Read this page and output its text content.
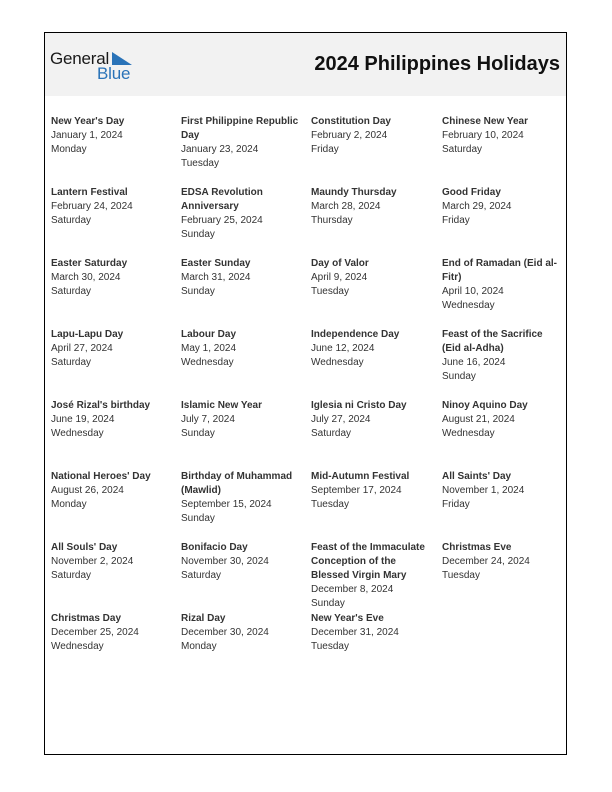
General
Blue	2024 Philippines Holidays
New Year's Day
January 1, 2024
Monday
First Philippine Republic Day
January 23, 2024
Tuesday
Constitution Day
February 2, 2024
Friday
Chinese New Year
February 10, 2024
Saturday
Lantern Festival
February 24, 2024
Saturday
EDSA Revolution Anniversary
February 25, 2024
Sunday
Maundy Thursday
March 28, 2024
Thursday
Good Friday
March 29, 2024
Friday
Easter Saturday
March 30, 2024
Saturday
Easter Sunday
March 31, 2024
Sunday
Day of Valor
April 9, 2024
Tuesday
End of Ramadan (Eid al-Fitr)
April 10, 2024
Wednesday
Lapu-Lapu Day
April 27, 2024
Saturday
Labour Day
May 1, 2024
Wednesday
Independence Day
June 12, 2024
Wednesday
Feast of the Sacrifice (Eid al-Adha)
June 16, 2024
Sunday
José Rizal's birthday
June 19, 2024
Wednesday
Islamic New Year
July 7, 2024
Sunday
Iglesia ni Cristo Day
July 27, 2024
Saturday
Ninoy Aquino Day
August 21, 2024
Wednesday
National Heroes' Day
August 26, 2024
Monday
Birthday of Muhammad (Mawlid)
September 15, 2024
Sunday
Mid-Autumn Festival
September 17, 2024
Tuesday
All Saints' Day
November 1, 2024
Friday
All Souls' Day
November 2, 2024
Saturday
Bonifacio Day
November 30, 2024
Saturday
Feast of the Immaculate Conception of the Blessed Virgin Mary
December 8, 2024
Sunday
Christmas Eve
December 24, 2024
Tuesday
Christmas Day
December 25, 2024
Wednesday
Rizal Day
December 30, 2024
Monday
New Year's Eve
December 31, 2024
Tuesday
